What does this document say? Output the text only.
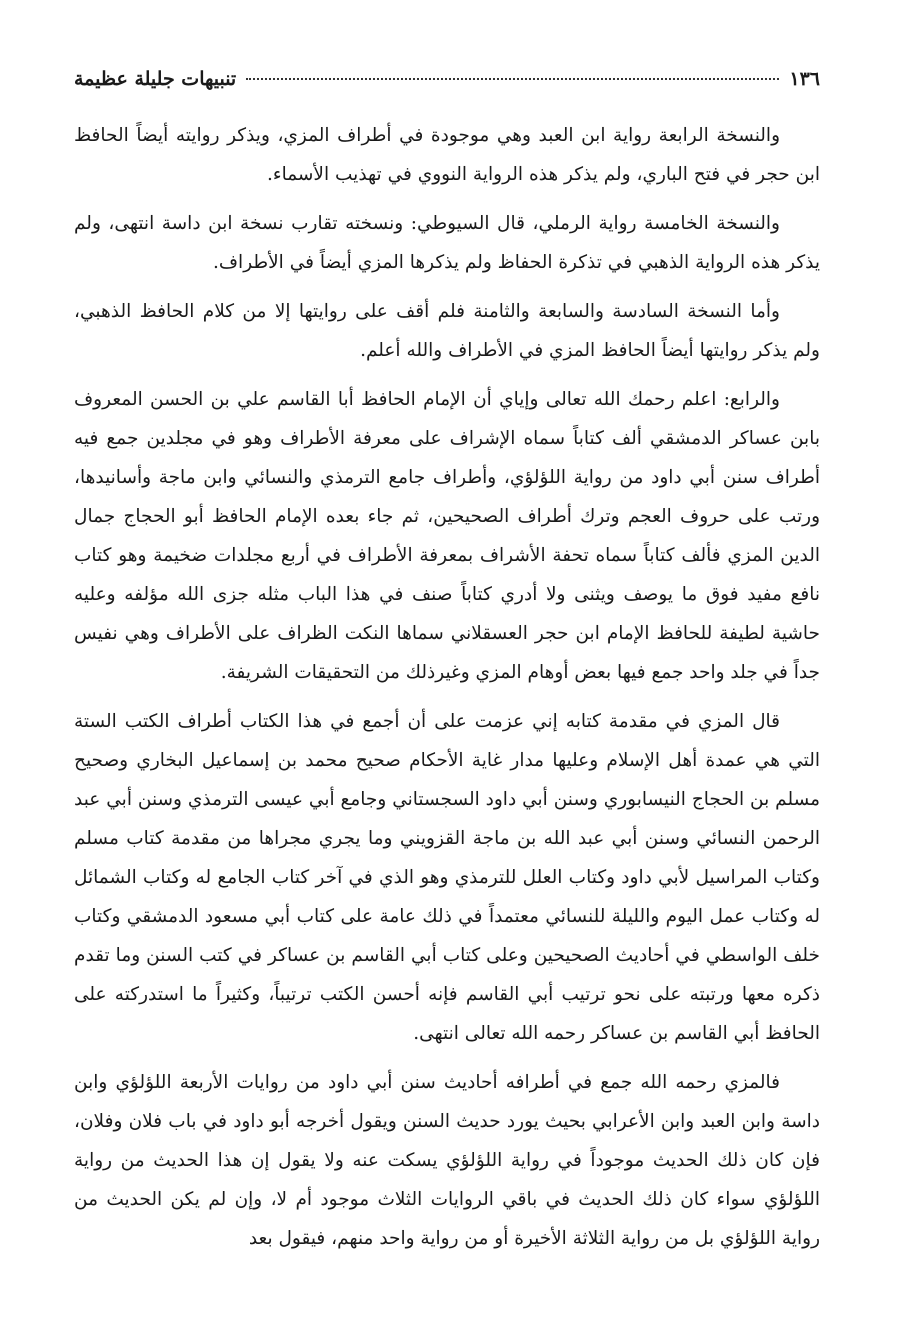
١٣٦
تنبيهات جليلة عظيمة

والنسخة الرابعة رواية ابن العبد وهي موجودة في أطراف المزي، ويذكر روايته أيضاً الحافظ ابن حجر في فتح الباري، ولم يذكر هذه الرواية النووي في تهذيب الأسماء.

والنسخة الخامسة رواية الرملي، قال السيوطي: ونسخته تقارب نسخة ابن داسة انتهى، ولم يذكر هذه الرواية الذهبي في تذكرة الحفاظ ولم يذكرها المزي أيضاً في الأطراف.

وأما النسخة السادسة والسابعة والثامنة فلم أقف على روايتها إلا من كلام الحافظ الذهبي، ولم يذكر روايتها أيضاً الحافظ المزي في الأطراف والله أعلم.

والرابع: اعلم رحمك الله تعالى وإياي أن الإمام الحافظ أبا القاسم علي بن الحسن المعروف بابن عساكر الدمشقي ألف كتاباً سماه الإشراف على معرفة الأطراف وهو في مجلدين جمع فيه أطراف سنن أبي داود من رواية اللؤلؤي، وأطراف جامع الترمذي والنسائي وابن ماجة وأسانيدها، ورتب على حروف العجم وترك أطراف الصحيحين، ثم جاء بعده الإمام الحافظ أبو الحجاج جمال الدين المزي فألف كتاباً سماه تحفة الأشراف بمعرفة الأطراف في أربع مجلدات ضخيمة وهو كتاب نافع مفيد فوق ما يوصف ويثنى ولا أدري كتاباً صنف في هذا الباب مثله جزى الله مؤلفه وعليه حاشية لطيفة للحافظ الإمام ابن حجر العسقلاني سماها النكت الظراف على الأطراف وهي نفيس جداً في جلد واحد جمع فيها بعض أوهام المزي وغيرذلك من التحقيقات الشريفة.

قال المزي في مقدمة كتابه إني عزمت على أن أجمع في هذا الكتاب أطراف الكتب الستة التي هي عمدة أهل الإسلام وعليها مدار غاية الأحكام صحيح محمد بن إسماعيل البخاري وصحيح مسلم بن الحجاج النيسابوري وسنن أبي داود السجستاني وجامع أبي عيسى الترمذي وسنن أبي عبد الرحمن النسائي وسنن أبي عبد الله بن ماجة القزويني وما يجري مجراها من مقدمة كتاب مسلم وكتاب المراسيل لأبي داود وكتاب العلل للترمذي وهو الذي في آخر كتاب الجامع له وكتاب الشمائل له وكتاب عمل اليوم والليلة للنسائي معتمداً في ذلك عامة على كتاب أبي مسعود الدمشقي وكتاب خلف الواسطي في أحاديث الصحيحين وعلى كتاب أبي القاسم بن عساكر في كتب السنن وما تقدم ذكره معها ورتبته على نحو ترتيب أبي القاسم فإنه أحسن الكتب ترتيباً، وكثيراً ما استدركته على الحافظ أبي القاسم بن عساكر رحمه الله تعالى انتهى.

فالمزي رحمه الله جمع في أطرافه أحاديث سنن أبي داود من روايات الأربعة اللؤلؤي وابن داسة وابن العبد وابن الأعرابي بحيث يورد حديث السنن ويقول أخرجه أبو داود في باب فلان وفلان، فإن كان ذلك الحديث موجوداً في رواية اللؤلؤي يسكت عنه ولا يقول إن هذا الحديث من رواية اللؤلؤي سواء كان ذلك الحديث في باقي الروايات الثلاث موجود أم لا، وإن لم يكن الحديث من رواية اللؤلؤي بل من رواية الثلاثة الأخيرة أو من رواية واحد منهم، فيقول بعد
